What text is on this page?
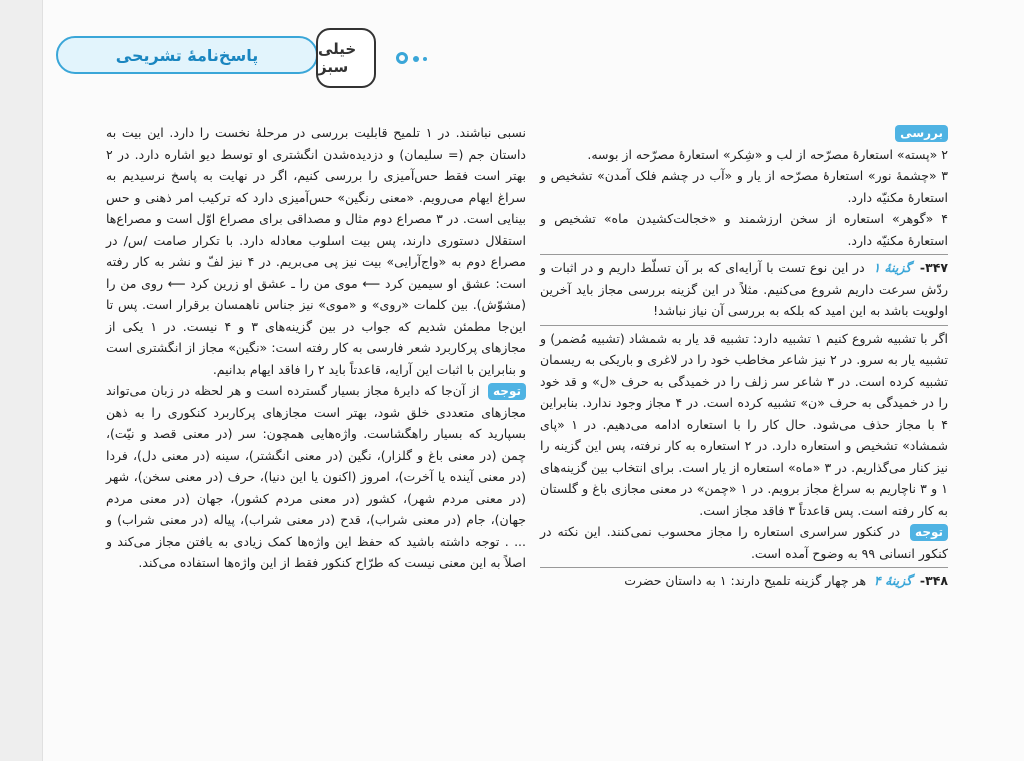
پاسخ‌نامهٔ تشریحی	خیلی سبز

نسبی نباشند. در ۱ تلمیح قابلیت بررسی در مرحلهٔ نخست را دارد. این بیت به داستان جم (= سلیمان) و دزدیده‌شدن انگشتری او توسط دیو اشاره دارد. در ۲ بهتر است فقط حس‌آمیزی را بررسی کنیم، اگر در نهایت به پاسخ نرسیدیم به سراغ ایهام می‌رویم. «معنی رنگین» حس‌آمیزی دارد که ترکیب امر ذهنی و حس بینایی است. در ۳ مصراع دوم مثال و مصداقی برای مصراع اوّل است و مصراع‌ها استقلال دستوری دارند، پس بیت اسلوب معادله دارد. با تکرار صامت /س/ در مصراع دوم به «واج‌آرایی» بیت نیز پی می‌بریم. در ۴ نیز لفّ و نشر به کار رفته است: عشق او سیمین کرد ⟵ موی من را ـ عشق او زرین کرد ⟵ روی من را (مشوّش). بین کلمات «روی» و «موی» نیز جناس ناهمسان برقرار است. پس تا این‌جا مطمئن شدیم که جواب در بین گزینه‌های ۳ و ۴ نیست. در ۱ یکی از مجازهای پرکاربرد شعر فارسی به کار رفته است: «نگین» مجاز از انگشتری است و بنابراین با اثبات این آرایه، قاعدتاً باید ۲ را فاقد ایهام بدانیم.

توجه از آن‌جا که دایرهٔ مجاز بسیار گسترده است و هر لحظه در زبان می‌تواند مجازهای متعددی خلق شود، بهتر است مجازهای پرکاربرد کنکوری را به ذهن بسپارید که بسیار راهگشاست. واژه‌هایی همچون: سر (در معنی قصد و نیّت)، چمن (در معنی باغ و گلزار)، نگین (در معنی انگشتر)، سینه (در معنی دل)، فردا (در معنی آینده یا آخرت)، امروز (اکنون یا این دنیا)، حرف (در معنی سخن)، شهر (در معنی مردم شهر)، کشور (در معنی مردم کشور)، جهان (در معنی مردم جهان)، جام (در معنی شراب)، قدح (در معنی شراب)، پیاله (در معنی شراب) و ... . توجه داشته باشید که حفظ این واژه‌ها کمک زیادی به یافتن مجاز می‌کند و اصلاً به این معنی نیست که طرّاح کنکور فقط از این واژه‌ها استفاده می‌کند.

بررسی

۲ «پسته» استعارهٔ مصرّحه از لب و «شِکر» استعارهٔ مصرّحه از بوسه.

۳ «چشمهٔ نور» استعارهٔ مصرّحه از یار و «آب در چشم فلک آمدن» تشخیص و استعارهٔ مکنیّه دارد.

۴ «گوهر» استعاره از سخن ارزشمند و «خجالت‌کشیدن ماه» تشخیص و استعارهٔ مکنیّه دارد.

۳۴۷- گزینهٔ ۱ در این نوع تست با آرایه‌ای که بر آن تسلّط داریم و در اثبات و ردّش سرعت داریم شروع می‌کنیم. مثلاً در این گزینه بررسی مجاز باید آخرین اولویت باشد به این امید که بلکه به بررسی آن نیاز نباشد!

اگر با تشبیه شروع کنیم ۱ تشبیه دارد: تشبیه قد یار به شمشاد (تشبیه مُضمر) و تشبیه یار به سرو. در ۲ نیز شاعر مخاطب خود را در لاغری و باریکی به ریسمان تشبیه کرده است. در ۳ شاعر سر زلف را در خمیدگی به حرف «ل» و قد خود را در خمیدگی به حرف «ن» تشبیه کرده است. در ۴ مجاز وجود ندارد. بنابراین ۴ با مجاز حذف می‌شود. حال کار را با استعاره ادامه می‌دهیم. در ۱ «پای شمشاد» تشخیص و استعاره دارد. در ۲ استعاره به کار نرفته، پس این گزینه را نیز کنار می‌گذاریم. در ۳ «ماه» استعاره از یار است. برای انتخاب بین گزینه‌های ۱ و ۳ ناچاریم به سراغ مجاز برویم. در ۱ «چمن» در معنی مجازی باغ و گلستان به کار رفته است. پس قاعدتاً ۳ فاقد مجاز است.

توجه در کنکور سراسری استعاره را مجاز محسوب نمی‌کنند. این نکته در کنکور انسانی ۹۹ به وضوح آمده است.

۳۴۸- گزینهٔ ۴ هر چهار گزینه تلمیح دارند: ۱ به داستان حضرت
